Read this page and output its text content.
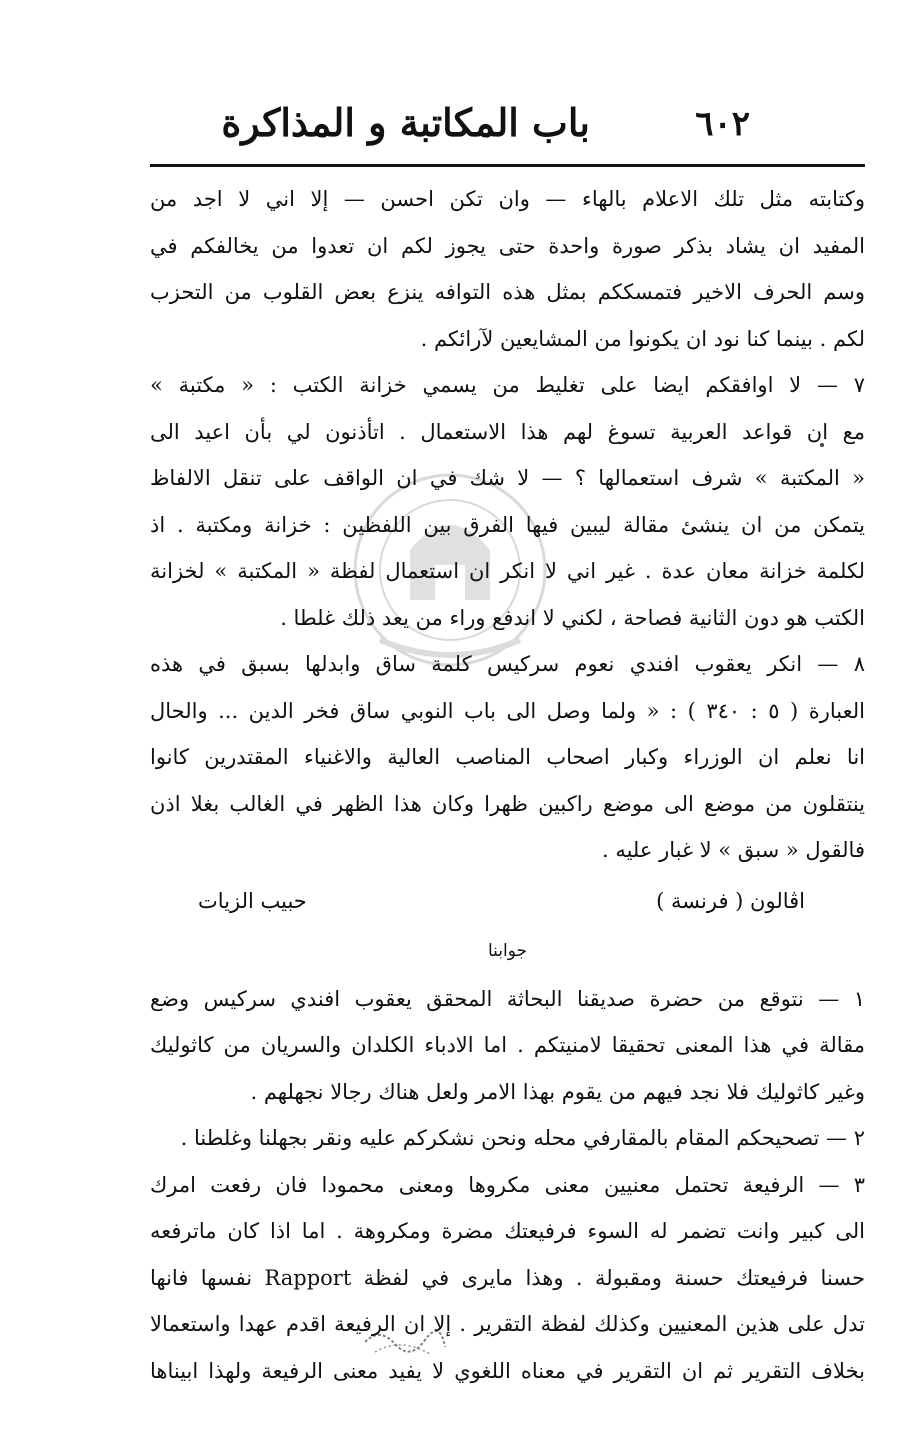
٦٠٢
باب المكاتبة و المذاكرة
وكتابته مثل تلك الاعلام بالهاء — وان تكن احسن — إلا اني لا اجد من
المفيد ان يشاد بذكر صورة واحدة حتى يجوز لكم ان تعدوا من يخالفكم في
وسم الحرف الاخير فتمسككم بمثل هذه التوافه ينزع بعض القلوب من التحزب
لكم . بينما كنا نود ان يكونوا من المشايعين لآرائكم .
٧ — لا اوافقكم ايضا على تغليط من يسمي خزانة الكتب : « مكتبة »
مع ان قواعد العربية تسوغ لهم هذا الاستعمال . اتأذنون لي بأن اعيد الى
« المكتبة » شرف استعمالها ؟ — لا شك في ان الواقف على تنقل الالفاظ
يتمكن من ان ينشئ مقالة ليبين فيها الفرق بين اللفظين : خزانة ومكتبة . اذ
لكلمة خزانة معان عدة . غير اني لا انكر ان استعمال لفظة « المكتبة » لخزانة
الكتب هو دون الثانية فصاحة ، لكني لا اندفع وراء من يعد ذلك غلطا .
٨ — انكر يعقوب افندي نعوم سركيس كلمة ساق وابدلها بسبق في هذه
العبارة ( ٥ : ٣٤٠ ) : « ولما وصل الى باب النوبي ساق فخر الدين ... والحال
انا نعلم ان الوزراء وكبار اصحاب المناصب العالية والاغنياء المقتدرين كانوا
ينتقلون من موضع الى موضع راكبين ظهرا وكان هذا الظهر في الغالب بغلا اذن
فالقول « سبق » لا غبار عليه .
اڤالون ( فرنسة )
حبيب الزيات
جوابنا
١ — نتوقع من حضرة صديقنا البحاثة المحقق يعقوب افندي سركيس وضع
مقالة في هذا المعنى تحقيقا لامنيتكم . اما الادباء الكلدان والسريان من كاثوليك
وغير كاثوليك فلا نجد فيهم من يقوم بهذا الامر ولعل هناك رجالا نجهلهم .
٢ — تصحيحكم المقام بالمقارفي محله ونحن نشكركم عليه ونقر بجهلنا وغلطنا .
٣ — الرفيعة تحتمل معنيين معنى مكروها ومعنى محمودا فان رفعت امرك
الى كبير وانت تضمر له السوء فرفيعتك مضرة ومكروهة . اما اذا كان ماترفعه
حسنا فرفيعتك حسنة ومقبولة . وهذا مايرى في لفظة Rapport نفسها فانها
تدل على هذين المعنيين وكذلك لفظة التقرير . إلا ان الرفيعة اقدم عهدا واستعمالا
بخلاف التقرير ثم ان التقرير في معناه اللغوي لا يفيد معنى الرفيعة ولهذا ابيناها
